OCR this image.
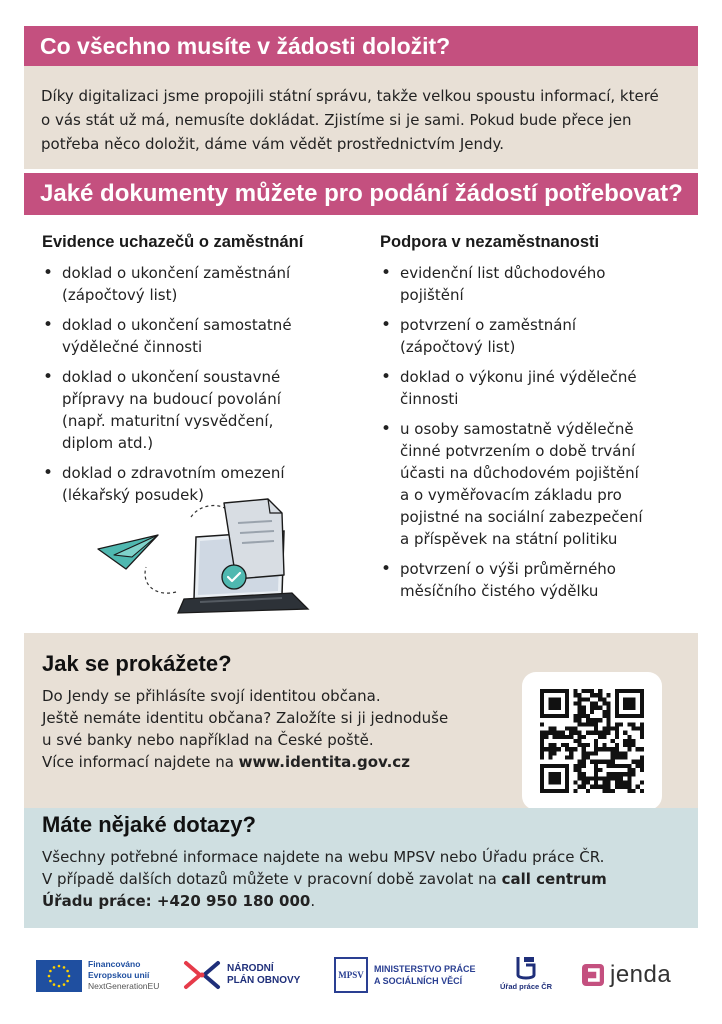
Co všechno musíte v žádosti doložit?
Díky digitalizaci jsme propojili státní správu, takže velkou spoustu informací, které
o vás stát už má, nemusíte dokládat. Zjistíme si je sami. Pokud bude přece jen
potřeba něco doložit, dáme vám vědět prostřednictvím Jendy.
Jaké dokumenty můžete pro podání žádostí potřebovat?
Evidence uchazečů o zaměstnání
• doklad o ukončení zaměstnání
(zápočtový list)
• doklad o ukončení samostatné
výdělečné činnosti
• doklad o ukončení soustavné
přípravy na budoucí povolání
(např. maturitní vysvědčení,
diplom atd.)
• doklad o zdravotním omezení
(lékařský posudek)
Podpora v nezaměstnanosti
• evidenční list důchodového
pojištění
• potvrzení o zaměstnání
(zápočtový list)
• doklad o výkonu jiné výdělečné
činnosti
• u osoby samostatně výdělečně
činné potvrzením o době trvání
účasti na důchodovém pojištění
a o vyměřovacím základu pro
pojistné na sociální zabezpečení
a příspěvek na státní politiku
• potvrzení o výši průměrného
měsíčního čistého výdělku
Jak se prokážete?
Do Jendy se přihlásíte svojí identitou občana.
Ještě nemáte identitu občana? Založíte si ji jednoduše
u své banky nebo například na České poště.
Více informací najdete na www.identita.gov.cz
Máte nějaké dotazy?
Všechny potřebné informace najdete na webu MPSV nebo Úřadu práce ČR.
V případě dalších dotazů můžete v pracovní době zavolat na call centrum
Úřadu práce: +420 950 180 000.
Financováno
Evropskou unií
NextGenerationEU
NÁRODNÍ
PLÁN OBNOVY	MPSV
MINISTERSTVO PRÁCE
A SOCIÁLNÍCH VĚCÍ
Úřad práce ČR jenda
